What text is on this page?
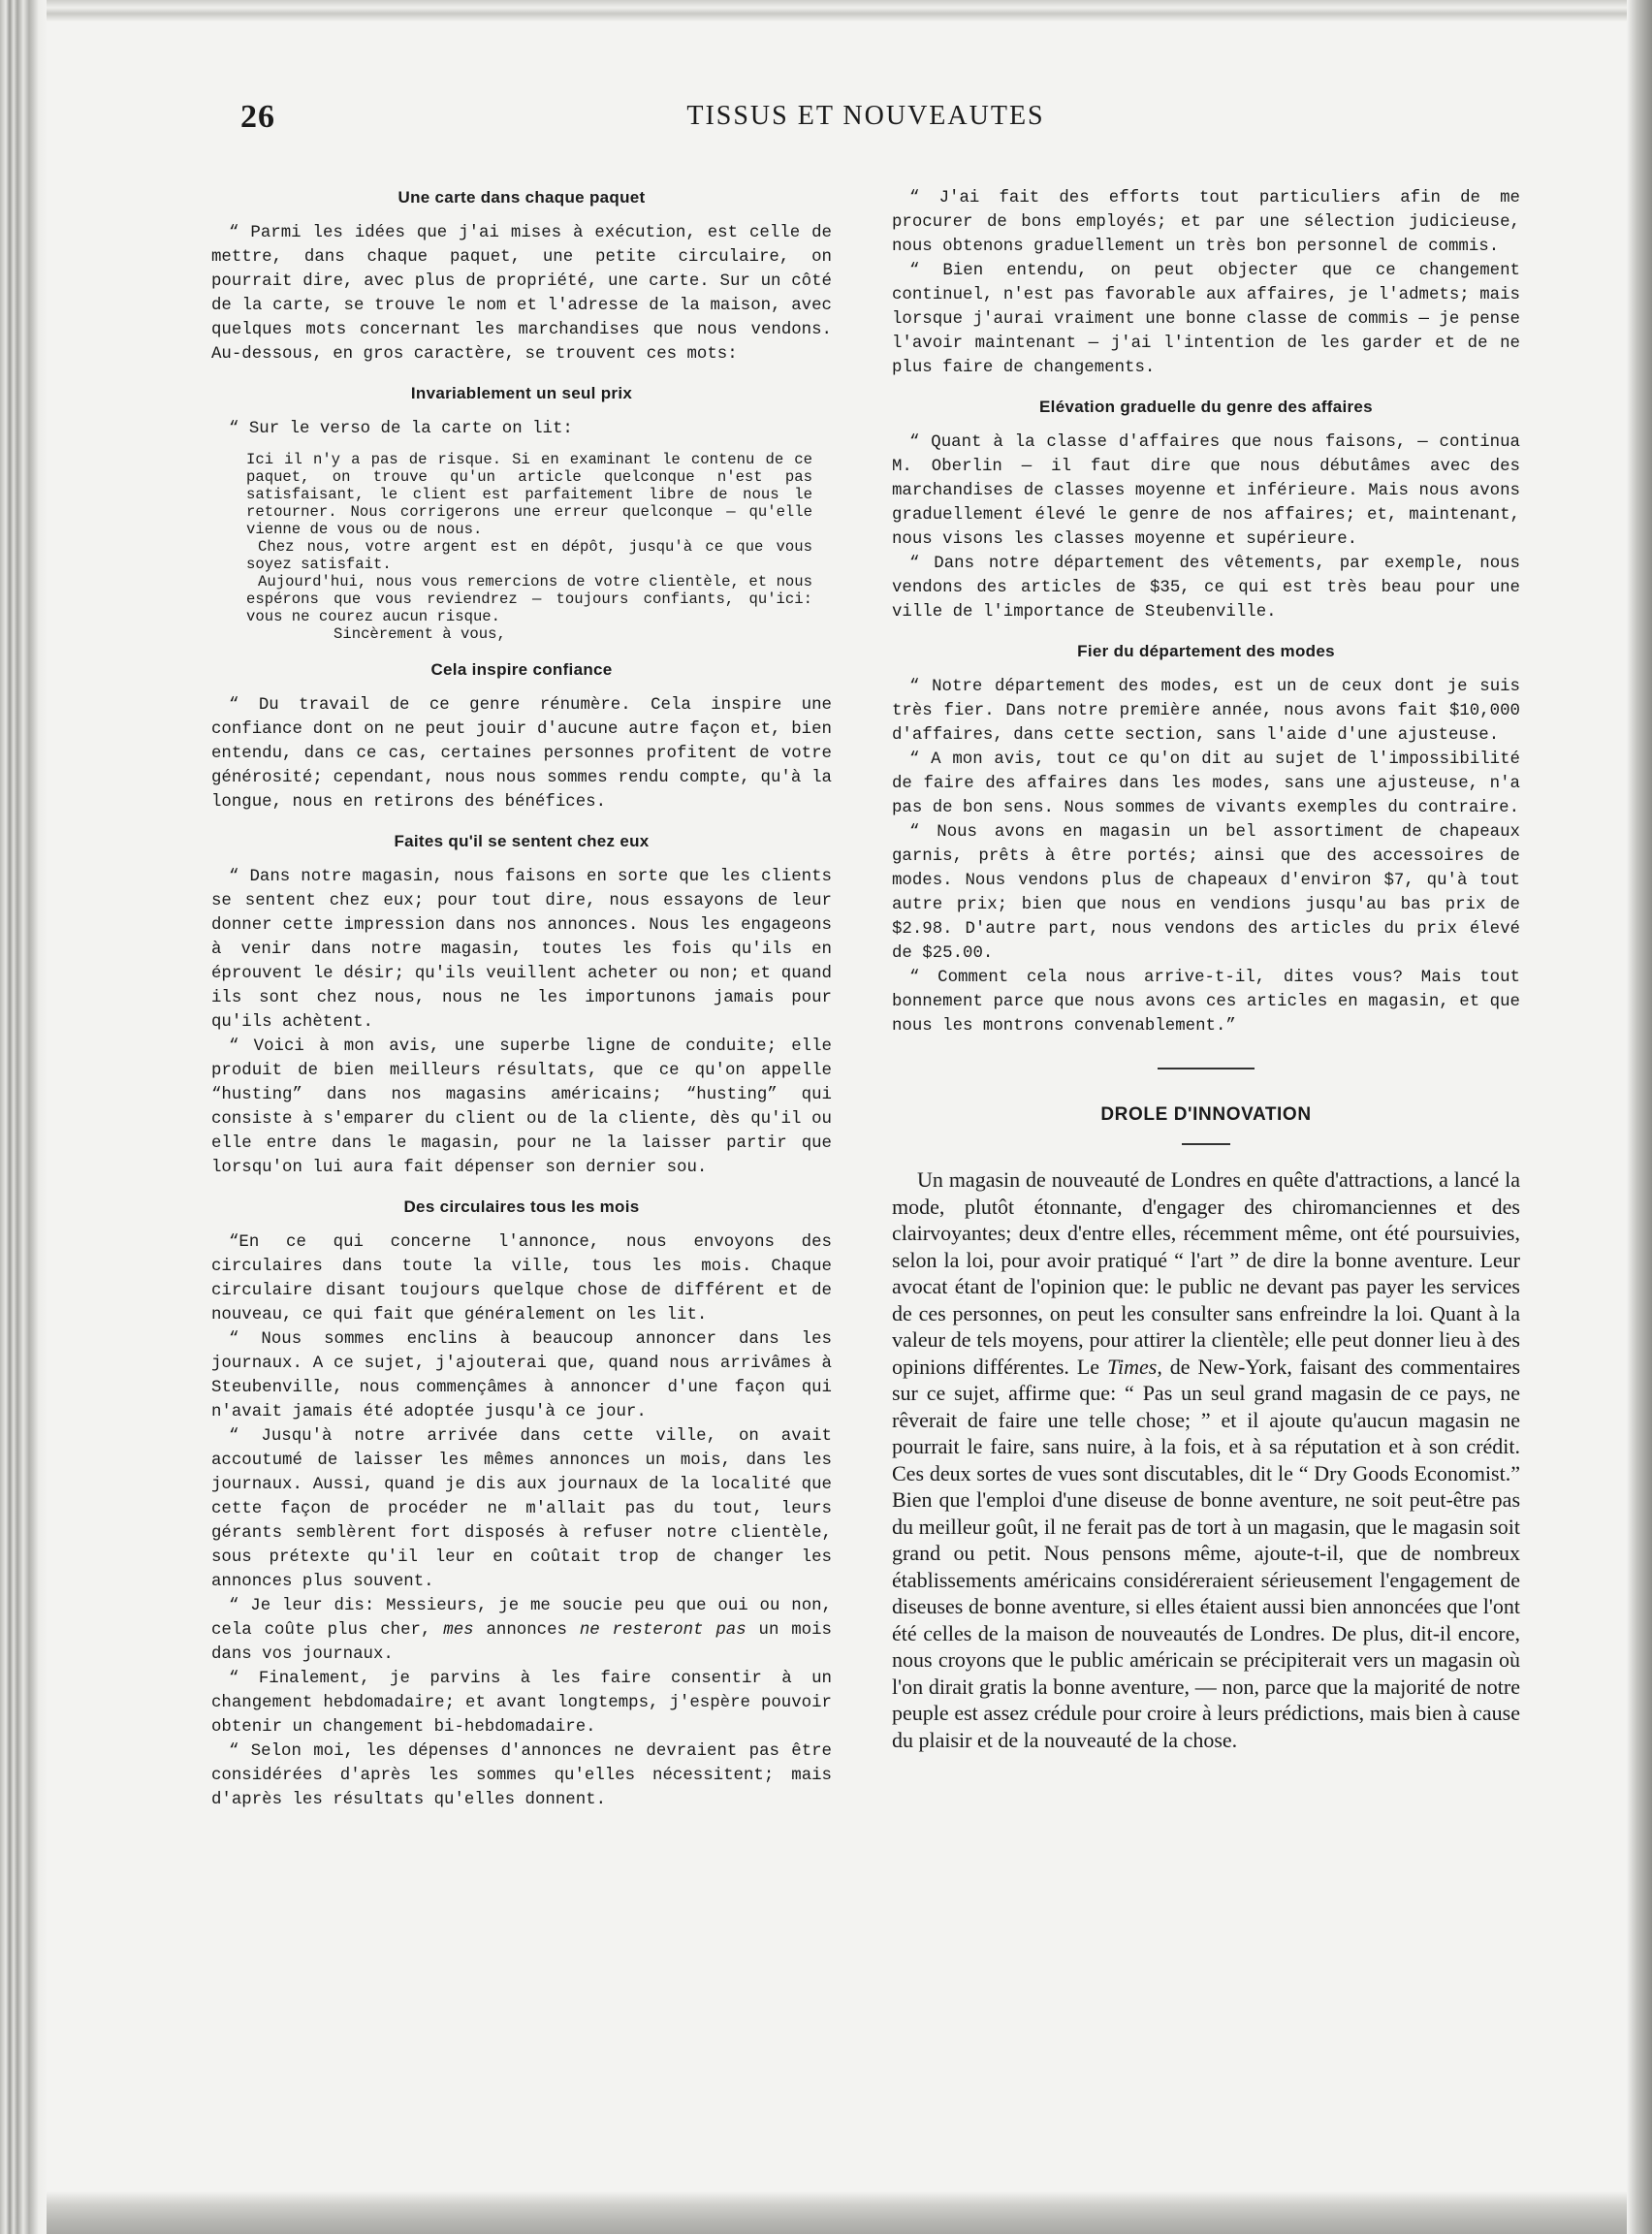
26	TISSUS ET NOUVEAUTES
Une carte dans chaque paquet

“ Parmi les idées que j'ai mises à exécution, est celle de mettre, dans chaque paquet, une petite circulaire, on pourrait dire, avec plus de propriété, une carte. Sur un côté de la carte, se trouve le nom et l'adresse de la maison, avec quelques mots concernant les marchandises que nous vendons. Au-dessous, en gros caractère, se trouvent ces mots:

Invariablement un seul prix

“ Sur le verso de la carte on lit:

Ici il n'y a pas de risque. Si en examinant le contenu de ce paquet, on trouve qu'un article quelconque n'est pas satisfaisant, le client est parfaitement libre de nous le retourner. Nous corrigerons une erreur quelconque — qu'elle vienne de vous ou de nous.

Chez nous, votre argent est en dépôt, jusqu'à ce que vous soyez satisfait.

Aujourd'hui, nous vous remercions de votre clientèle, et nous espérons que vous reviendrez — toujours confiants, qu'ici: vous ne courez aucun risque.

Sincèrement à vous,

Cela inspire confiance

“ Du travail de ce genre rénumère. Cela inspire une confiance dont on ne peut jouir d'aucune autre façon et, bien entendu, dans ce cas, certaines personnes profitent de votre générosité; cependant, nous nous sommes rendu compte, qu'à la longue, nous en retirons des bénéfices.

Faites qu'il se sentent chez eux

“ Dans notre magasin, nous faisons en sorte que les clients se sentent chez eux; pour tout dire, nous essayons de leur donner cette impression dans nos annonces. Nous les engageons à venir dans notre magasin, toutes les fois qu'ils en éprouvent le désir; qu'ils veuillent acheter ou non; et quand ils sont chez nous, nous ne les importunons jamais pour qu'ils achètent.

“ Voici à mon avis, une superbe ligne de conduite; elle produit de bien meilleurs résultats, que ce qu'on appelle “husting” dans nos magasins américains; “husting” qui consiste à s'emparer du client ou de la cliente, dès qu'il ou elle entre dans le magasin, pour ne la laisser partir que lorsqu'on lui aura fait dépenser son dernier sou.

Des circulaires tous les mois

“En ce qui concerne l'annonce, nous envoyons des circulaires dans toute la ville, tous les mois. Chaque circulaire disant toujours quelque chose de différent et de nouveau, ce qui fait que généralement on les lit.

“ Nous sommes enclins à beaucoup annoncer dans les journaux. A ce sujet, j'ajouterai que, quand nous arrivâmes à Steubenville, nous commençâmes à annoncer d'une façon qui n'avait jamais été adoptée jusqu'à ce jour.

“ Jusqu'à notre arrivée dans cette ville, on avait accoutumé de laisser les mêmes annonces un mois, dans les journaux. Aussi, quand je dis aux journaux de la localité que cette façon de procéder ne m'allait pas du tout, leurs gérants semblèrent fort disposés à refuser notre clientèle, sous prétexte qu'il leur en coûtait trop de changer les annonces plus souvent.

“ Je leur dis: Messieurs, je me soucie peu que oui ou non, cela coûte plus cher, mes annonces ne resteront pas un mois dans vos journaux.

“ Finalement, je parvins à les faire consentir à un changement hebdomadaire; et avant longtemps, j'espère pouvoir obtenir un changement bi-hebdomadaire.

“ Selon moi, les dépenses d'annonces ne devraient pas être considérées d'après les sommes qu'elles nécessitent; mais d'après les résultats qu'elles donnent.

“ J'ai fait des efforts tout particuliers afin de me procurer de bons employés; et par une sélection judicieuse, nous obtenons graduellement un très bon personnel de commis.

“ Bien entendu, on peut objecter que ce changement continuel, n'est pas favorable aux affaires, je l'admets; mais lorsque j'aurai vraiment une bonne classe de commis — je pense l'avoir maintenant — j'ai l'intention de les garder et de ne plus faire de changements.

Elévation graduelle du genre des affaires

“ Quant à la classe d'affaires que nous faisons, — continua M. Oberlin — il faut dire que nous débutâmes avec des marchandises de classes moyenne et inférieure. Mais nous avons graduellement élevé le genre de nos affaires; et, maintenant, nous visons les classes moyenne et supérieure.

“ Dans notre département des vêtements, par exemple, nous vendons des articles de $35, ce qui est très beau pour une ville de l'importance de Steubenville.

Fier du département des modes

“ Notre département des modes, est un de ceux dont je suis très fier. Dans notre première année, nous avons fait $10,000 d'affaires, dans cette section, sans l'aide d'une ajusteuse.

“ A mon avis, tout ce qu'on dit au sujet de l'impossibilité de faire des affaires dans les modes, sans une ajusteuse, n'a pas de bon sens. Nous sommes de vivants exemples du contraire.

“ Nous avons en magasin un bel assortiment de chapeaux garnis, prêts à être portés; ainsi que des accessoires de modes. Nous vendons plus de chapeaux d'environ $7, qu'à tout autre prix; bien que nous en vendions jusqu'au bas prix de $2.98. D'autre part, nous vendons des articles du prix élevé de $25.00.

“ Comment cela nous arrive-t-il, dites vous? Mais tout bonnement parce que nous avons ces articles en magasin, et que nous les montrons convenablement.”

DROLE D'INNOVATION

Un magasin de nouveauté de Londres en quête d'attractions, a lancé la mode, plutôt étonnante, d'engager des chiromanciennes et des clairvoyantes; deux d'entre elles, récemment même, ont été poursuivies, selon la loi, pour avoir pratiqué “ l'art ” de dire la bonne aventure. Leur avocat étant de l'opinion que: le public ne devant pas payer les services de ces personnes, on peut les consulter sans enfreindre la loi. Quant à la valeur de tels moyens, pour attirer la clientèle; elle peut donner lieu à des opinions différentes. Le Times, de New-York, faisant des commentaires sur ce sujet, affirme que: “ Pas un seul grand magasin de ce pays, ne rêverait de faire une telle chose; ” et il ajoute qu'aucun magasin ne pourrait le faire, sans nuire, à la fois, et à sa réputation et à son crédit. Ces deux sortes de vues sont discutables, dit le “ Dry Goods Economist.” Bien que l'emploi d'une diseuse de bonne aventure, ne soit peut-être pas du meilleur goût, il ne ferait pas de tort à un magasin, que le magasin soit grand ou petit. Nous pensons même, ajoute-t-il, que de nombreux établissements américains considéreraient sérieusement l'engagement de diseuses de bonne aventure, si elles étaient aussi bien annoncées que l'ont été celles de la maison de nouveautés de Londres. De plus, dit-il encore, nous croyons que le public américain se précipiterait vers un magasin où l'on dirait gratis la bonne aventure, — non, parce que la majorité de notre peuple est assez crédule pour croire à leurs prédictions, mais bien à cause du plaisir et de la nouveauté de la chose.
